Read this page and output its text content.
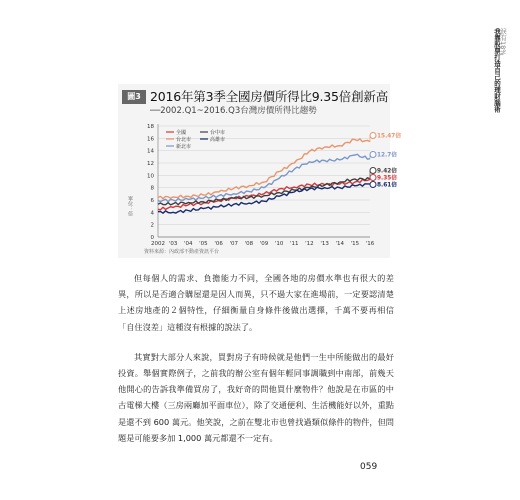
淚有18%
我靠股票打造自己的理財腦術
圖3 2016年第3季全國房價所得比9.35倍創新高
──2002.Q1~2016.Q3台灣房價所得比趨勢
0
2
4
6
8
10
12
14
16
18
2002 '03 '04 '05 '06 '07 '08 '09 '10 '11 '12 '13 '14 '15 '16
單位：倍
15.47倍
12.7倍
9.42倍
9.35倍
8.61倍
全國
台北市
新北市
台中市
高雄市
資料來源：內政部不動產資訊平台

但每個人的需求、負擔能力不同，全國各地的房價水準也有很大的差異，所以是否適合購屋還是因人而異，只不過大家在進場前，一定要認清楚上述房地產的２個特性，仔細衡量自身條件後做出選擇，千萬不要再相信「自住沒差」這種沒有根據的說法了。

其實對大部分人來說，買對房子有時候就是他們一生中所能做出的最好投資。舉個實際例子，之前我的辦公室有個年輕同事調職到中南部，前幾天他開心的告訴我準備買房了，我好奇的問他買什麼物件？他說是在市區的中古電梯大樓（三房兩廳加平面車位），除了交通便利、生活機能好以外，重點是還不到 600 萬元。他笑說，之前在雙北市也曾找過類似條件的物件，但問題是可能要多加 1,000 萬元都還不一定有。

059
